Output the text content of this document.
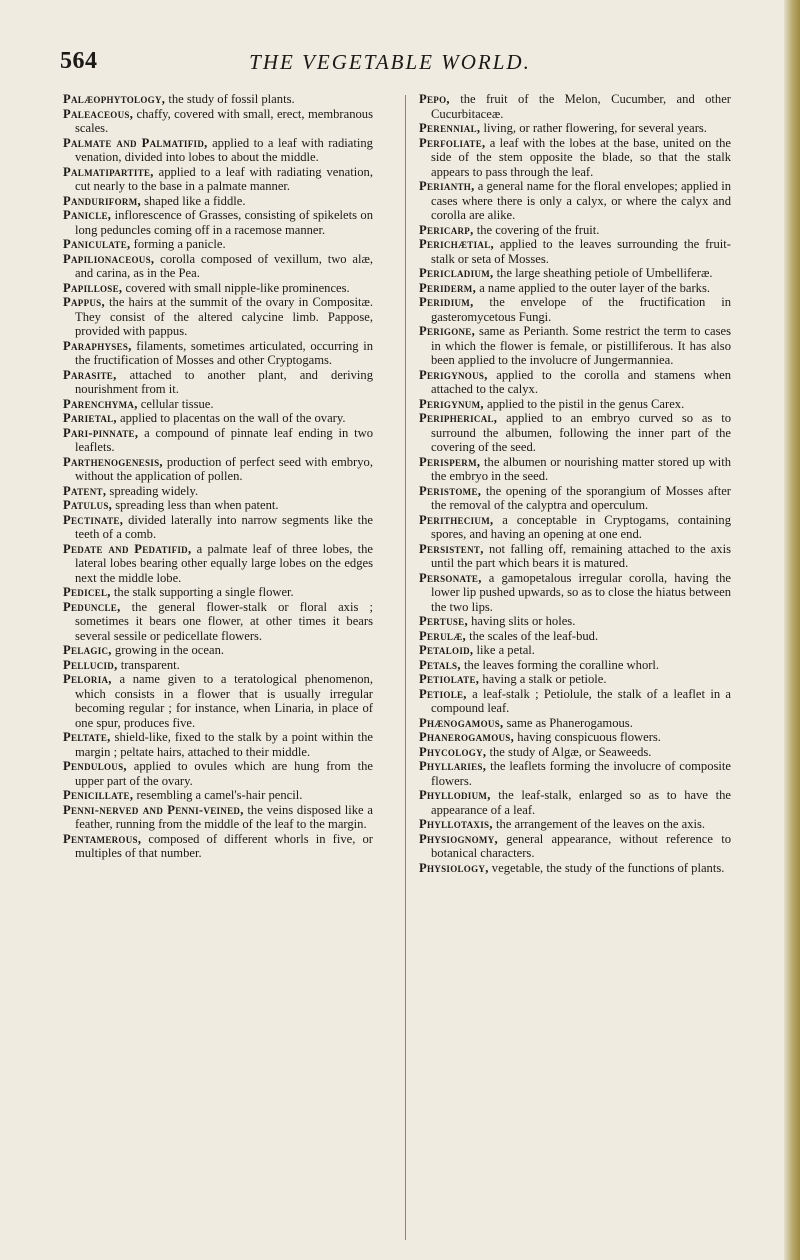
564	THE VEGETABLE WORLD.

Palæophytology, the study of fossil plants.

Paleaceous, chaffy, covered with small, erect, membranous scales.

Palmate and Palmatifid, applied to a leaf with radiating venation, divided into lobes to about the middle.

Palmatipartite, applied to a leaf with radiating venation, cut nearly to the base in a palmate manner.

Panduriform, shaped like a fiddle.

Panicle, inflorescence of Grasses, consisting of spikelets on long peduncles coming off in a racemose manner.

Paniculate, forming a panicle.

Papilionaceous, corolla composed of vexillum, two alæ, and carina, as in the Pea.

Papillose, covered with small nipple-like prominences.

Pappus, the hairs at the summit of the ovary in Compositæ. They consist of the altered calycine limb. Pappose, provided with pappus.

Paraphyses, filaments, sometimes articulated, occurring in the fructification of Mosses and other Cryptogams.

Parasite, attached to another plant, and deriving nourishment from it.

Parenchyma, cellular tissue.

Parietal, applied to placentas on the wall of the ovary.

Pari-pinnate, a compound of pinnate leaf ending in two leaflets.

Parthenogenesis, production of perfect seed with embryo, without the application of pollen.

Patent, spreading widely.

Patulus, spreading less than when patent.

Pectinate, divided laterally into narrow segments like the teeth of a comb.

Pedate and Pedatifid, a palmate leaf of three lobes, the lateral lobes bearing other equally large lobes on the edges next the middle lobe.

Pedicel, the stalk supporting a single flower.

Peduncle, the general flower-stalk or floral axis ; sometimes it bears one flower, at other times it bears several sessile or pedicellate flowers.

Pelagic, growing in the ocean.

Pellucid, transparent.

Peloria, a name given to a teratological phenomenon, which consists in a flower that is usually irregular becoming regular ; for instance, when Linaria, in place of one spur, produces five.

Peltate, shield-like, fixed to the stalk by a point within the margin ; peltate hairs, attached to their middle.

Pendulous, applied to ovules which are hung from the upper part of the ovary.

Penicillate, resembling a camel's-hair pencil.

Penni-nerved and Penni-veined, the veins disposed like a feather, running from the middle of the leaf to the margin.

Pentamerous, composed of different whorls in five, or multiples of that number.

Pepo, the fruit of the Melon, Cucumber, and other Cucurbitaceæ.

Perennial, living, or rather flowering, for several years.

Perfoliate, a leaf with the lobes at the base, united on the side of the stem opposite the blade, so that the stalk appears to pass through the leaf.

Perianth, a general name for the floral envelopes; applied in cases where there is only a calyx, or where the calyx and corolla are alike.

Pericarp, the covering of the fruit.

Perichætial, applied to the leaves surrounding the fruit-stalk or seta of Mosses.

Pericladium, the large sheathing petiole of Umbelliferæ.

Periderm, a name applied to the outer layer of the barks.

Peridium, the envelope of the fructification in gasteromycetous Fungi.

Perigone, same as Perianth. Some restrict the term to cases in which the flower is female, or pistilliferous. It has also been applied to the involucre of Jungermanniea.

Perigynous, applied to the corolla and stamens when attached to the calyx.

Perigynum, applied to the pistil in the genus Carex.

Peripherical, applied to an embryo curved so as to surround the albumen, following the inner part of the covering of the seed.

Perisperm, the albumen or nourishing matter stored up with the embryo in the seed.

Peristome, the opening of the sporangium of Mosses after the removal of the calyptra and operculum.

Perithecium, a conceptable in Cryptogams, containing spores, and having an opening at one end.

Persistent, not falling off, remaining attached to the axis until the part which bears it is matured.

Personate, a gamopetalous irregular corolla, having the lower lip pushed upwards, so as to close the hiatus between the two lips.

Pertuse, having slits or holes.

Perulæ, the scales of the leaf-bud.

Petaloid, like a petal.

Petals, the leaves forming the coralline whorl.

Petiolate, having a stalk or petiole.

Petiole, a leaf-stalk ; Petiolule, the stalk of a leaflet in a compound leaf.

Phænogamous, same as Phanerogamous.

Phanerogamous, having conspicuous flowers.

Phycology, the study of Algæ, or Seaweeds.

Phyllaries, the leaflets forming the involucre of composite flowers.

Phyllodium, the leaf-stalk, enlarged so as to have the appearance of a leaf.

Phyllotaxis, the arrangement of the leaves on the axis.

Physiognomy, general appearance, without reference to botanical characters.

Physiology, vegetable, the study of the functions of plants.
